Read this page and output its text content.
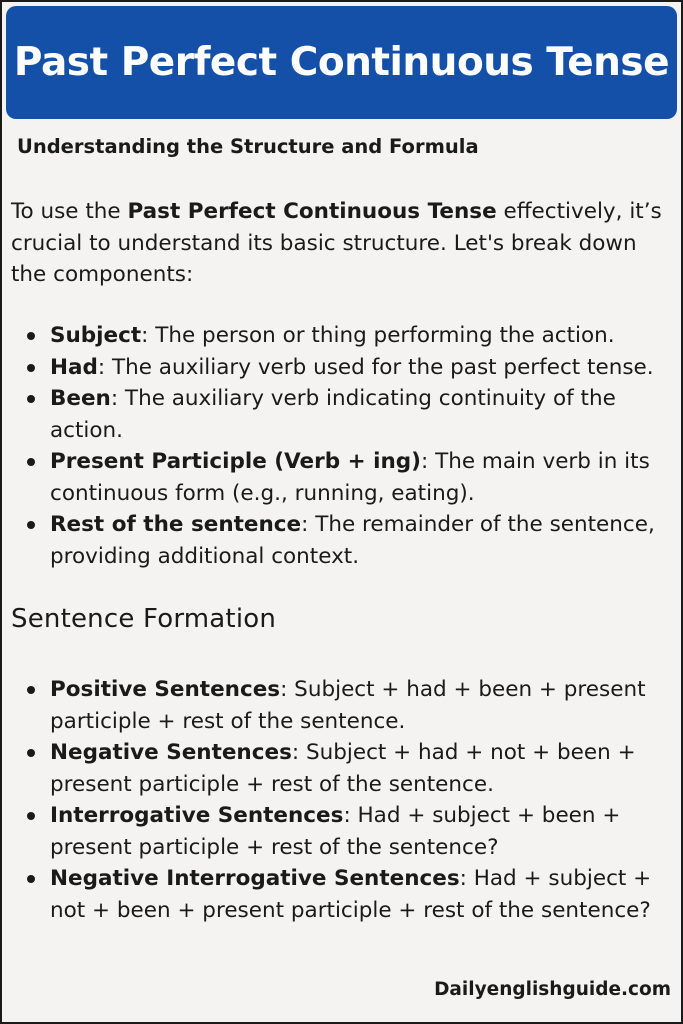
Past Perfect Continuous Tense
Understanding the Structure and Formula

To use the Past Perfect Continuous Tense effectively, it’s crucial to understand its basic structure. Let's break down the components:

Subject: The person or thing performing the action.
Had: The auxiliary verb used for the past perfect tense.
Been: The auxiliary verb indicating continuity of the action.
Present Participle (Verb + ing): The main verb in its continuous form (e.g., running, eating).
Rest of the sentence: The remainder of the sentence, providing additional context.
Sentence Formation
Positive Sentences: Subject + had + been + present participle + rest of the sentence.
Negative Sentences: Subject + had + not + been + present participle + rest of the sentence.
Interrogative Sentences: Had + subject + been + present participle + rest of the sentence?
Negative Interrogative Sentences: Had + subject + not + been + present participle + rest of the sentence?
Dailyenglishguide.com
